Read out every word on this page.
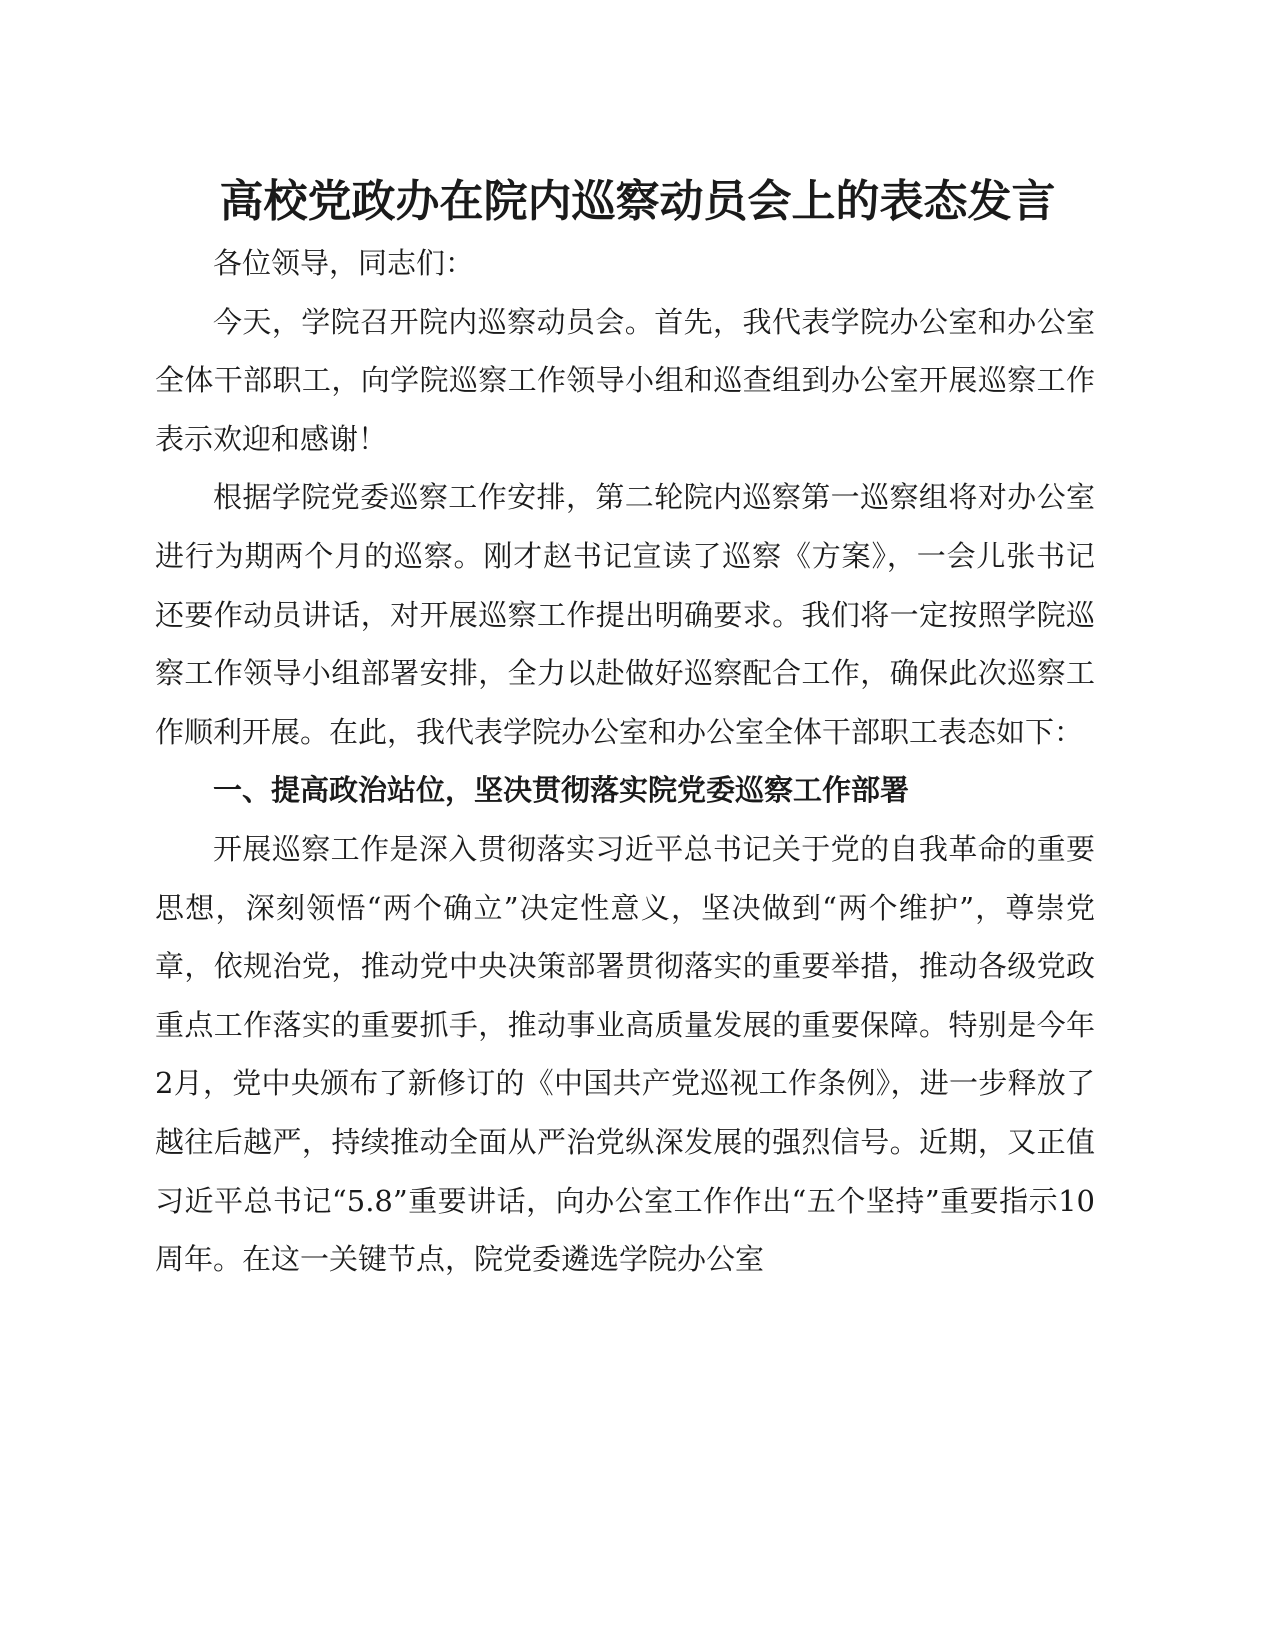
高校党政办在院内巡察动员会上的表态发言

各位领导，同志们：

今天，学院召开院内巡察动员会。首先，我代表学院办公室和办公室全体干部职工，向学院巡察工作领导小组和巡查组到办公室开展巡察工作表示欢迎和感谢！

根据学院党委巡察工作安排，第二轮院内巡察第一巡察组将对办公室进行为期两个月的巡察。刚才赵书记宣读了巡察《方案》，一会儿张书记还要作动员讲话，对开展巡察工作提出明确要求。我们将一定按照学院巡察工作领导小组部署安排，全力以赴做好巡察配合工作，确保此次巡察工作顺利开展。在此，我代表学院办公室和办公室全体干部职工表态如下：

一、提高政治站位，坚决贯彻落实院党委巡察工作部署

开展巡察工作是深入贯彻落实习近平总书记关于党的自我革命的重要思想，深刻领悟“两个确立”决定性意义，坚决做到“两个维护”，尊崇党章，依规治党，推动党中央决策部署贯彻落实的重要举措，推动各级党政重点工作落实的重要抓手，推动事业高质量发展的重要保障。特别是今年2月，党中央颁布了新修订的《中国共产党巡视工作条例》，进一步释放了越往后越严，持续推动全面从严治党纵深发展的强烈信号。近期，又正值习近平总书记“5.8”重要讲话，向办公室工作作出“五个坚持”重要指示10周年。在这一关键节点，院党委遴选学院办公室
